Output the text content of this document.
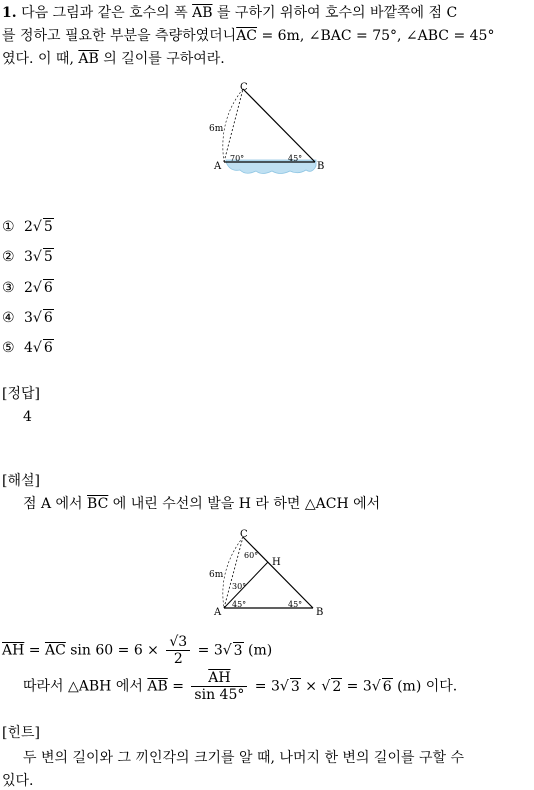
1. 다음 그림과 같은 호수의 폭 $\overline{AB}$ 를 구하기 위하여 호수의 바깥쪽에 점 C
를 정하고 필요한 부분을 측량하였더니$\overline{AC} = 6m$, ∠BAC = 75°, ∠ABC = 45°
였다. 이 때, $\overline{AB}$ 의 길이를 구하여라.
C
A	B
6m
70°	45°
① 2√ 5
② 3√ 5
③ 2√ 6
④ 3√ 6
⑤ 4√ 6
[정답]
4
[해설]
점 A 에서 $\overline{BC}$ 에 내린 수선의 발을 H 라 하면 △ACH 에서
C
H
A	B
6m
60°
30°
45°	45°
$\overline{AH} = \overline{AC}$ $\sin 60 = 6 \times \frac{√3}{2} = 3√$ 3 (m)
따라서 △ABH 에서 $\overline{AB} = \frac{\overline{AH}}{\sin 45^\circ} = 3√$ 3 × √ 2 = 3√ 6 (m) 이다.
[힌트]
두 변의 길이와 그 끼인각의 크기를 알 때, 나머지 한 변의 길이를 구할 수
있다.
